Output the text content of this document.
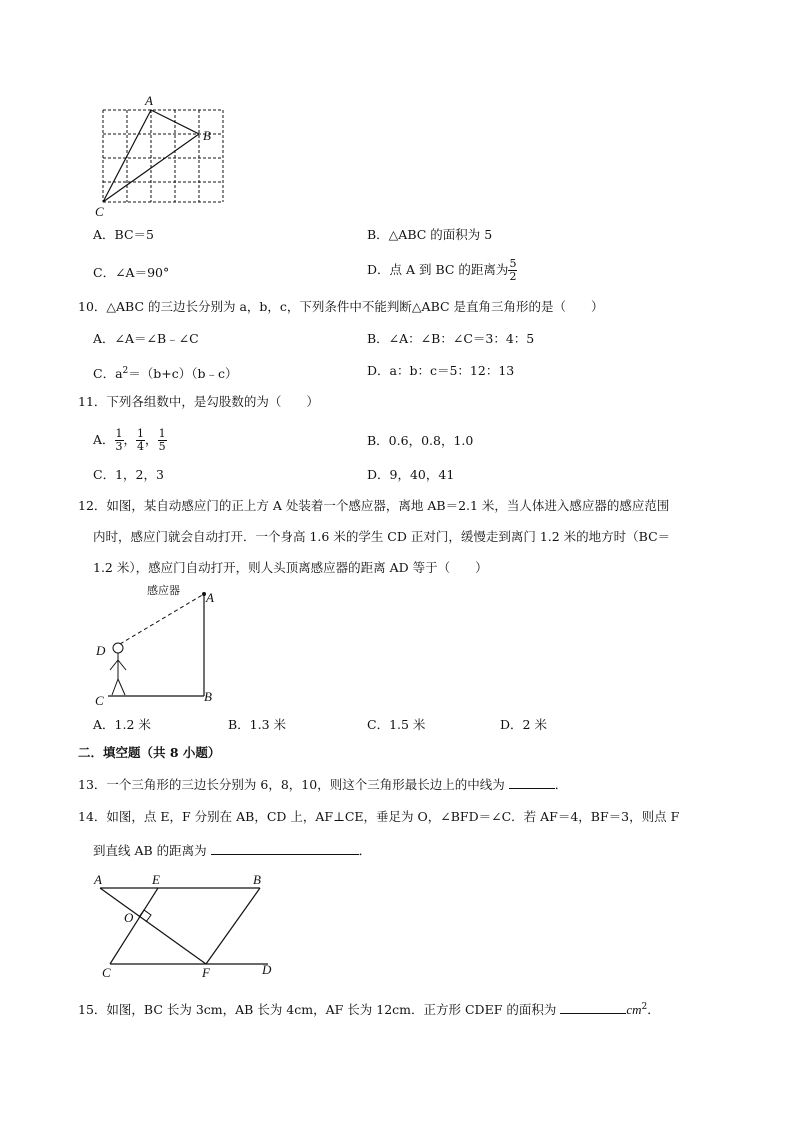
A
B
C
A．BC＝5	B．△ABC 的面积为 5
C．∠A＝90°	D．点 A 到 BC 的距离为 $\frac{5}{2}$
10．△ABC 的三边长分别为 a，b，c，下列条件中不能判断△ABC 是直角三角形的是（　　）
A．∠A＝∠B﹣∠C	B．∠A：∠B：∠C＝3：4：5
C．$a^2=(b+c)(b﹣c)$	D．a：b：c＝5：12：13
11．下列各组数中，是勾股数的为（　　）
A． $\frac{1}{3}$ ， $\frac{1}{4}$ ， $\frac{1}{5}$	B．0.6，0.8，1.0
C．1，2，3	D．9，40，41
12．如图，某自动感应门的正上方 A 处装着一个感应器，离地 AB＝2.1 米，当人体进入感应器的感应范围
内时，感应门就会自动打开．一个身高 1.6 米的学生 CD 正对门，缓慢走到离门 1.2 米的地方时（BC＝
1.2 米），感应门自动打开，则人头顶离感应器的距离 AD 等于（　　）
感应器 A
B
C
D
A．1.2 米	B．1.3 米	C．1.5 米	D．2 米
二．填空题（共 8 小题）
13．一个三角形的三边长分别为 6，8，10，则这个三角形最长边上的中线为	．
14．如图，点 E，F 分别在 AB，CD 上，AF⊥CE，垂足为 O，∠BFD＝∠C．若 AF＝4，BF＝3，则点 F
到直线 AB 的距离为	．
A	E	B
O
C	F	D
15．如图，BC 长为 3cm，AB 长为 4cm，AF 长为 12cm．正方形 CDEF 的面积为	$cm^2$．
